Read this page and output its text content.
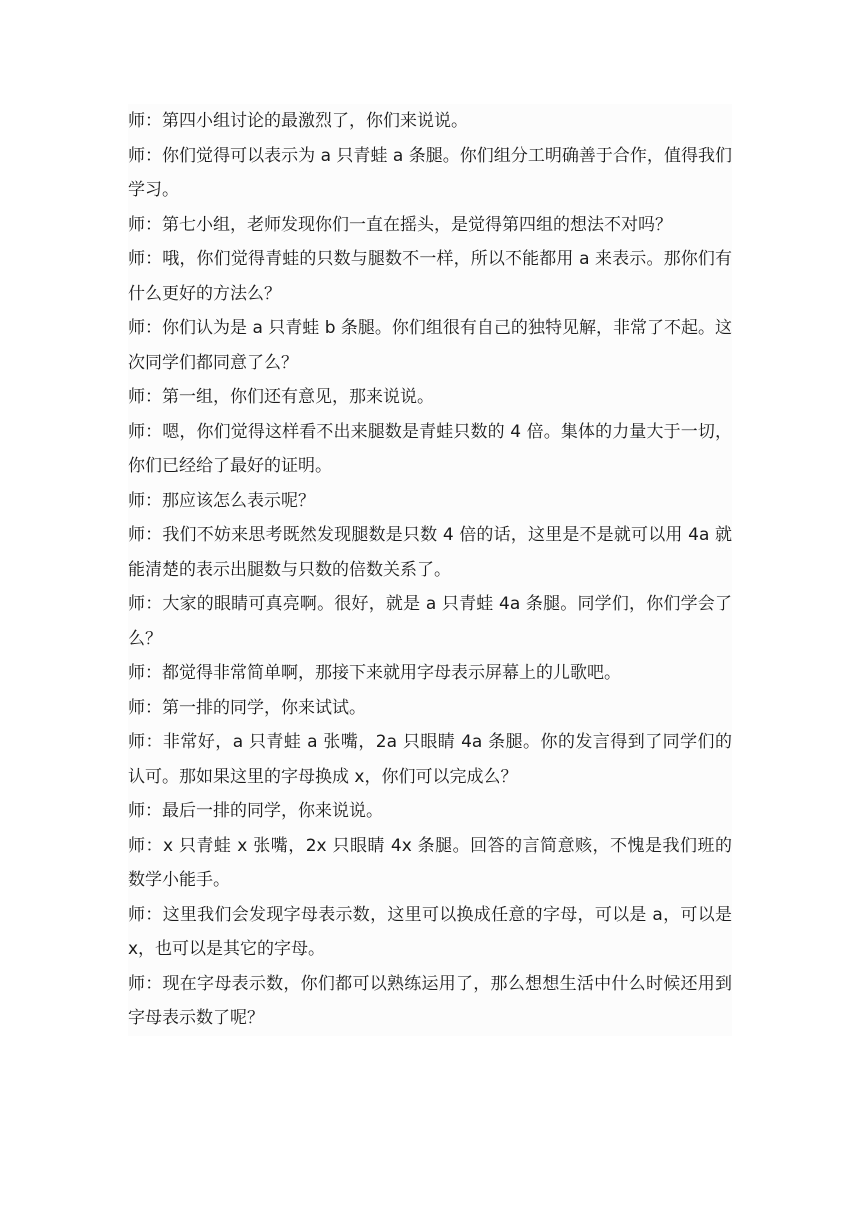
师：第四小组讨论的最激烈了，你们来说说。

师：你们觉得可以表示为 a 只青蛙 a 条腿。你们组分工明确善于合作，值得我们学习。

师：第七小组，老师发现你们一直在摇头，是觉得第四组的想法不对吗？

师：哦，你们觉得青蛙的只数与腿数不一样，所以不能都用 a 来表示。那你们有什么更好的方法么？

师：你们认为是 a 只青蛙 b 条腿。你们组很有自己的独特见解，非常了不起。这次同学们都同意了么？

师：第一组，你们还有意见，那来说说。

师：嗯，你们觉得这样看不出来腿数是青蛙只数的 4 倍。集体的力量大于一切，你们已经给了最好的证明。

师：那应该怎么表示呢？

师：我们不妨来思考既然发现腿数是只数 4 倍的话，这里是不是就可以用 4a 就能清楚的表示出腿数与只数的倍数关系了。

师：大家的眼睛可真亮啊。很好，就是 a 只青蛙 4a 条腿。同学们，你们学会了么？

师：都觉得非常简单啊，那接下来就用字母表示屏幕上的儿歌吧。

师：第一排的同学，你来试试。

师：非常好，a 只青蛙 a 张嘴，2a 只眼睛 4a 条腿。你的发言得到了同学们的认可。那如果这里的字母换成 x，你们可以完成么？

师：最后一排的同学，你来说说。

师：x 只青蛙 x 张嘴，2x 只眼睛 4x 条腿。回答的言简意赅，不愧是我们班的数学小能手。

师：这里我们会发现字母表示数，这里可以换成任意的字母，可以是 a，可以是 x，也可以是其它的字母。

师：现在字母表示数，你们都可以熟练运用了，那么想想生活中什么时候还用到字母表示数了呢？
